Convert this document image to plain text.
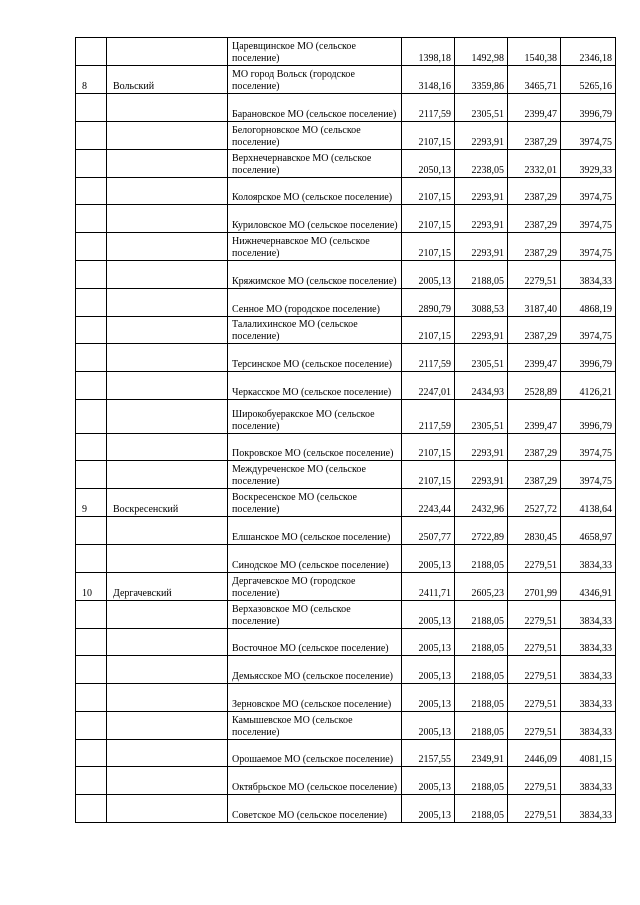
		Царевщинское МО (сельское поселение)	1398,18	1492,98	1540,38	2346,18
8	Вольский	МО город Вольск (городское поселение)	3148,16	3359,86	3465,71	5265,16
		Барановское МО (сельское поселение)	2117,59	2305,51	2399,47	3996,79
		Белогорновское МО (сельское поселение)	2107,15	2293,91	2387,29	3974,75
		Верхнечернавское МО (сельское поселение)	2050,13	2238,05	2332,01	3929,33
		Колоярское МО (сельское поселение)	2107,15	2293,91	2387,29	3974,75
		Куриловское МО (сельское поселение)	2107,15	2293,91	2387,29	3974,75
		Нижнечернавское МО (сельское поселение)	2107,15	2293,91	2387,29	3974,75
		Кряжимское МО (сельское поселение)	2005,13	2188,05	2279,51	3834,33
		Сенное МО (городское поселение)	2890,79	3088,53	3187,40	4868,19
		Талалихинское МО (сельское поселение)	2107,15	2293,91	2387,29	3974,75
		Терсинское МО (сельское поселение)	2117,59	2305,51	2399,47	3996,79
		Черкасское МО (сельское поселение)	2247,01	2434,93	2528,89	4126,21
		Широкобуеракское МО (сельское поселение)	2117,59	2305,51	2399,47	3996,79
		Покровское МО (сельское поселение)	2107,15	2293,91	2387,29	3974,75
		Междуреченское МО (сельское поселение)	2107,15	2293,91	2387,29	3974,75
9	Воскресенский	Воскресенское МО (сельское поселение)	2243,44	2432,96	2527,72	4138,64
		Елшанское МО (сельское поселение)	2507,77	2722,89	2830,45	4658,97
		Синодское МО (сельское поселение)	2005,13	2188,05	2279,51	3834,33
10	Дергачевский	Дергачевское МО (городское поселение)	2411,71	2605,23	2701,99	4346,91
		Верхазовское МО (сельское поселение)	2005,13	2188,05	2279,51	3834,33
		Восточное МО (сельское поселение)	2005,13	2188,05	2279,51	3834,33
		Демьясское МО (сельское поселение)	2005,13	2188,05	2279,51	3834,33
		Зерновское МО (сельское поселение)	2005,13	2188,05	2279,51	3834,33
		Камышевское МО (сельское поселение)	2005,13	2188,05	2279,51	3834,33
		Орошаемое МО (сельское поселение)	2157,55	2349,91	2446,09	4081,15
		Октябрьское МО (сельское поселение)	2005,13	2188,05	2279,51	3834,33
		Советское МО (сельское поселение)	2005,13	2188,05	2279,51	3834,33
